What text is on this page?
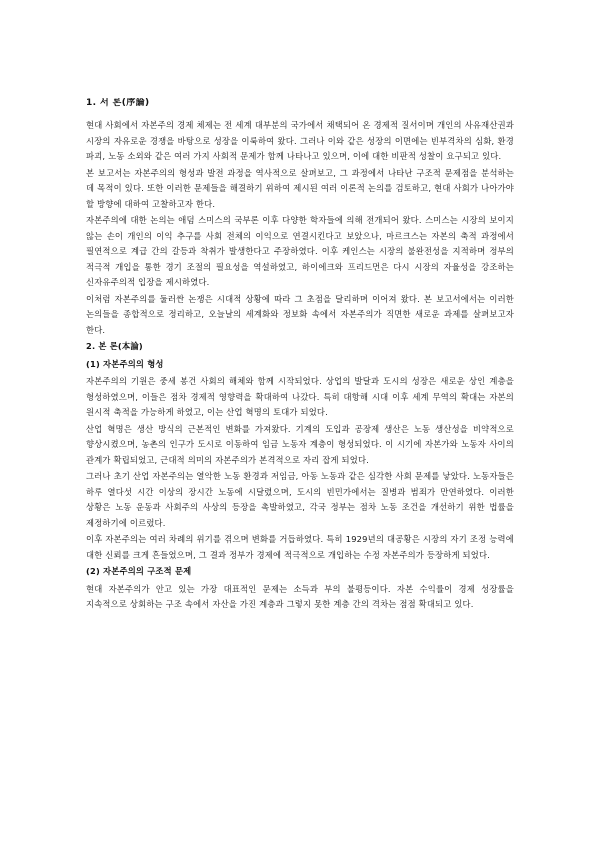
1. 서 론(序論)

현대 사회에서 자본주의 경제 체제는 전 세계 대부분의 국가에서 채택되어 온 경제적 질서이며 개인의 사유재산권과 시장의 자유로운 경쟁을 바탕으로 성장을 이룩하여 왔다. 그러나 이와 같은 성장의 이면에는 빈부격차의 심화, 환경 파괴, 노동 소외와 같은 여러 가지 사회적 문제가 함께 나타나고 있으며, 이에 대한 비판적 성찰이 요구되고 있다.

본 보고서는 자본주의의 형성과 발전 과정을 역사적으로 살펴보고, 그 과정에서 나타난 구조적 문제점을 분석하는 데 목적이 있다. 또한 이러한 문제들을 해결하기 위하여 제시된 여러 이론적 논의를 검토하고, 현대 사회가 나아가야 할 방향에 대하여 고찰하고자 한다.

자본주의에 대한 논의는 애덤 스미스의 국부론 이후 다양한 학자들에 의해 전개되어 왔다. 스미스는 시장의 보이지 않는 손이 개인의 이익 추구를 사회 전체의 이익으로 연결시킨다고 보았으나, 마르크스는 자본의 축적 과정에서 필연적으로 계급 간의 갈등과 착취가 발생한다고 주장하였다. 이후 케인스는 시장의 불완전성을 지적하며 정부의 적극적 개입을 통한 경기 조절의 필요성을 역설하였고, 하이에크와 프리드먼은 다시 시장의 자율성을 강조하는 신자유주의적 입장을 제시하였다.

이처럼 자본주의를 둘러싼 논쟁은 시대적 상황에 따라 그 초점을 달리하며 이어져 왔다. 본 보고서에서는 이러한 논의들을 종합적으로 정리하고, 오늘날의 세계화와 정보화 속에서 자본주의가 직면한 새로운 과제를 살펴보고자 한다.

2. 본 론(本論)
(1) 자본주의의 형성

자본주의의 기원은 중세 봉건 사회의 해체와 함께 시작되었다. 상업의 발달과 도시의 성장은 새로운 상인 계층을 형성하였으며, 이들은 점차 경제적 영향력을 확대하여 나갔다. 특히 대항해 시대 이후 세계 무역의 확대는 자본의 원시적 축적을 가능하게 하였고, 이는 산업 혁명의 토대가 되었다.

산업 혁명은 생산 방식의 근본적인 변화를 가져왔다. 기계의 도입과 공장제 생산은 노동 생산성을 비약적으로 향상시켰으며, 농촌의 인구가 도시로 이동하여 임금 노동자 계층이 형성되었다. 이 시기에 자본가와 노동자 사이의 관계가 확립되었고, 근대적 의미의 자본주의가 본격적으로 자리 잡게 되었다.

그러나 초기 산업 자본주의는 열악한 노동 환경과 저임금, 아동 노동과 같은 심각한 사회 문제를 낳았다. 노동자들은 하루 열다섯 시간 이상의 장시간 노동에 시달렸으며, 도시의 빈민가에서는 질병과 범죄가 만연하였다. 이러한 상황은 노동 운동과 사회주의 사상의 등장을 촉발하였고, 각국 정부는 점차 노동 조건을 개선하기 위한 법률을 제정하기에 이르렀다.

이후 자본주의는 여러 차례의 위기를 겪으며 변화를 거듭하였다. 특히 1929년의 대공황은 시장의 자기 조정 능력에 대한 신뢰를 크게 흔들었으며, 그 결과 정부가 경제에 적극적으로 개입하는 수정 자본주의가 등장하게 되었다.

(2) 자본주의의 구조적 문제

현대 자본주의가 안고 있는 가장 대표적인 문제는 소득과 부의 불평등이다. 자본 수익률이 경제 성장률을 지속적으로 상회하는 구조 속에서 자산을 가진 계층과 그렇지 못한 계층 간의 격차는 점점 확대되고 있다.
